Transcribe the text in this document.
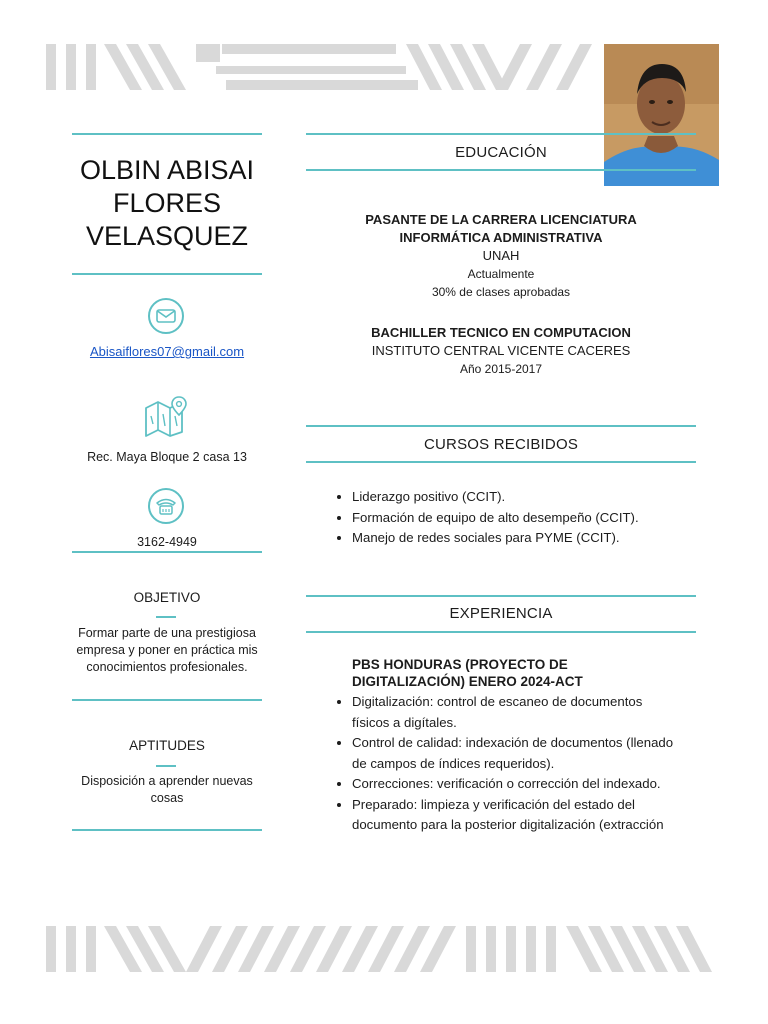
OLBIN ABISAI
FLORES
VELASQUEZ
Abisaiflores07@gmail.com
Rec. Maya Bloque 2 casa 13
3162-4949
OBJETIVO
Formar parte de una prestigiosa
empresa y poner en práctica mis
conocimientos profesionales.
APTITUDES
Disposición a aprender nuevas
cosas
EDUCACIÓN
PASANTE DE LA CARRERA LICENCIATURA
INFORMÁTICA ADMINISTRATIVA
UNAH
Actualmente
30% de clases aprobadas
BACHILLER TECNICO EN COMPUTACION
INSTITUTO CENTRAL VICENTE CACERES
Año 2015-2017
CURSOS RECIBIDOS
• Liderazgo positivo (CCIT).
• Formación de equipo de alto desempeño (CCIT).
• Manejo de redes sociales para PYME (CCIT).
EXPERIENCIA
PBS HONDURAS (PROYECTO DE
DIGITALIZACIÓN) ENERO 2024-ACT
• Digitalización: control de escaneo de documentos
físicos a digítales.
• Control de calidad: indexación de documentos (llenado
de campos de índices requeridos).
• Correcciones: verificación o corrección del indexado.
• Preparado: limpieza y verificación del estado del
documento para la posterior digitalización (extracción
